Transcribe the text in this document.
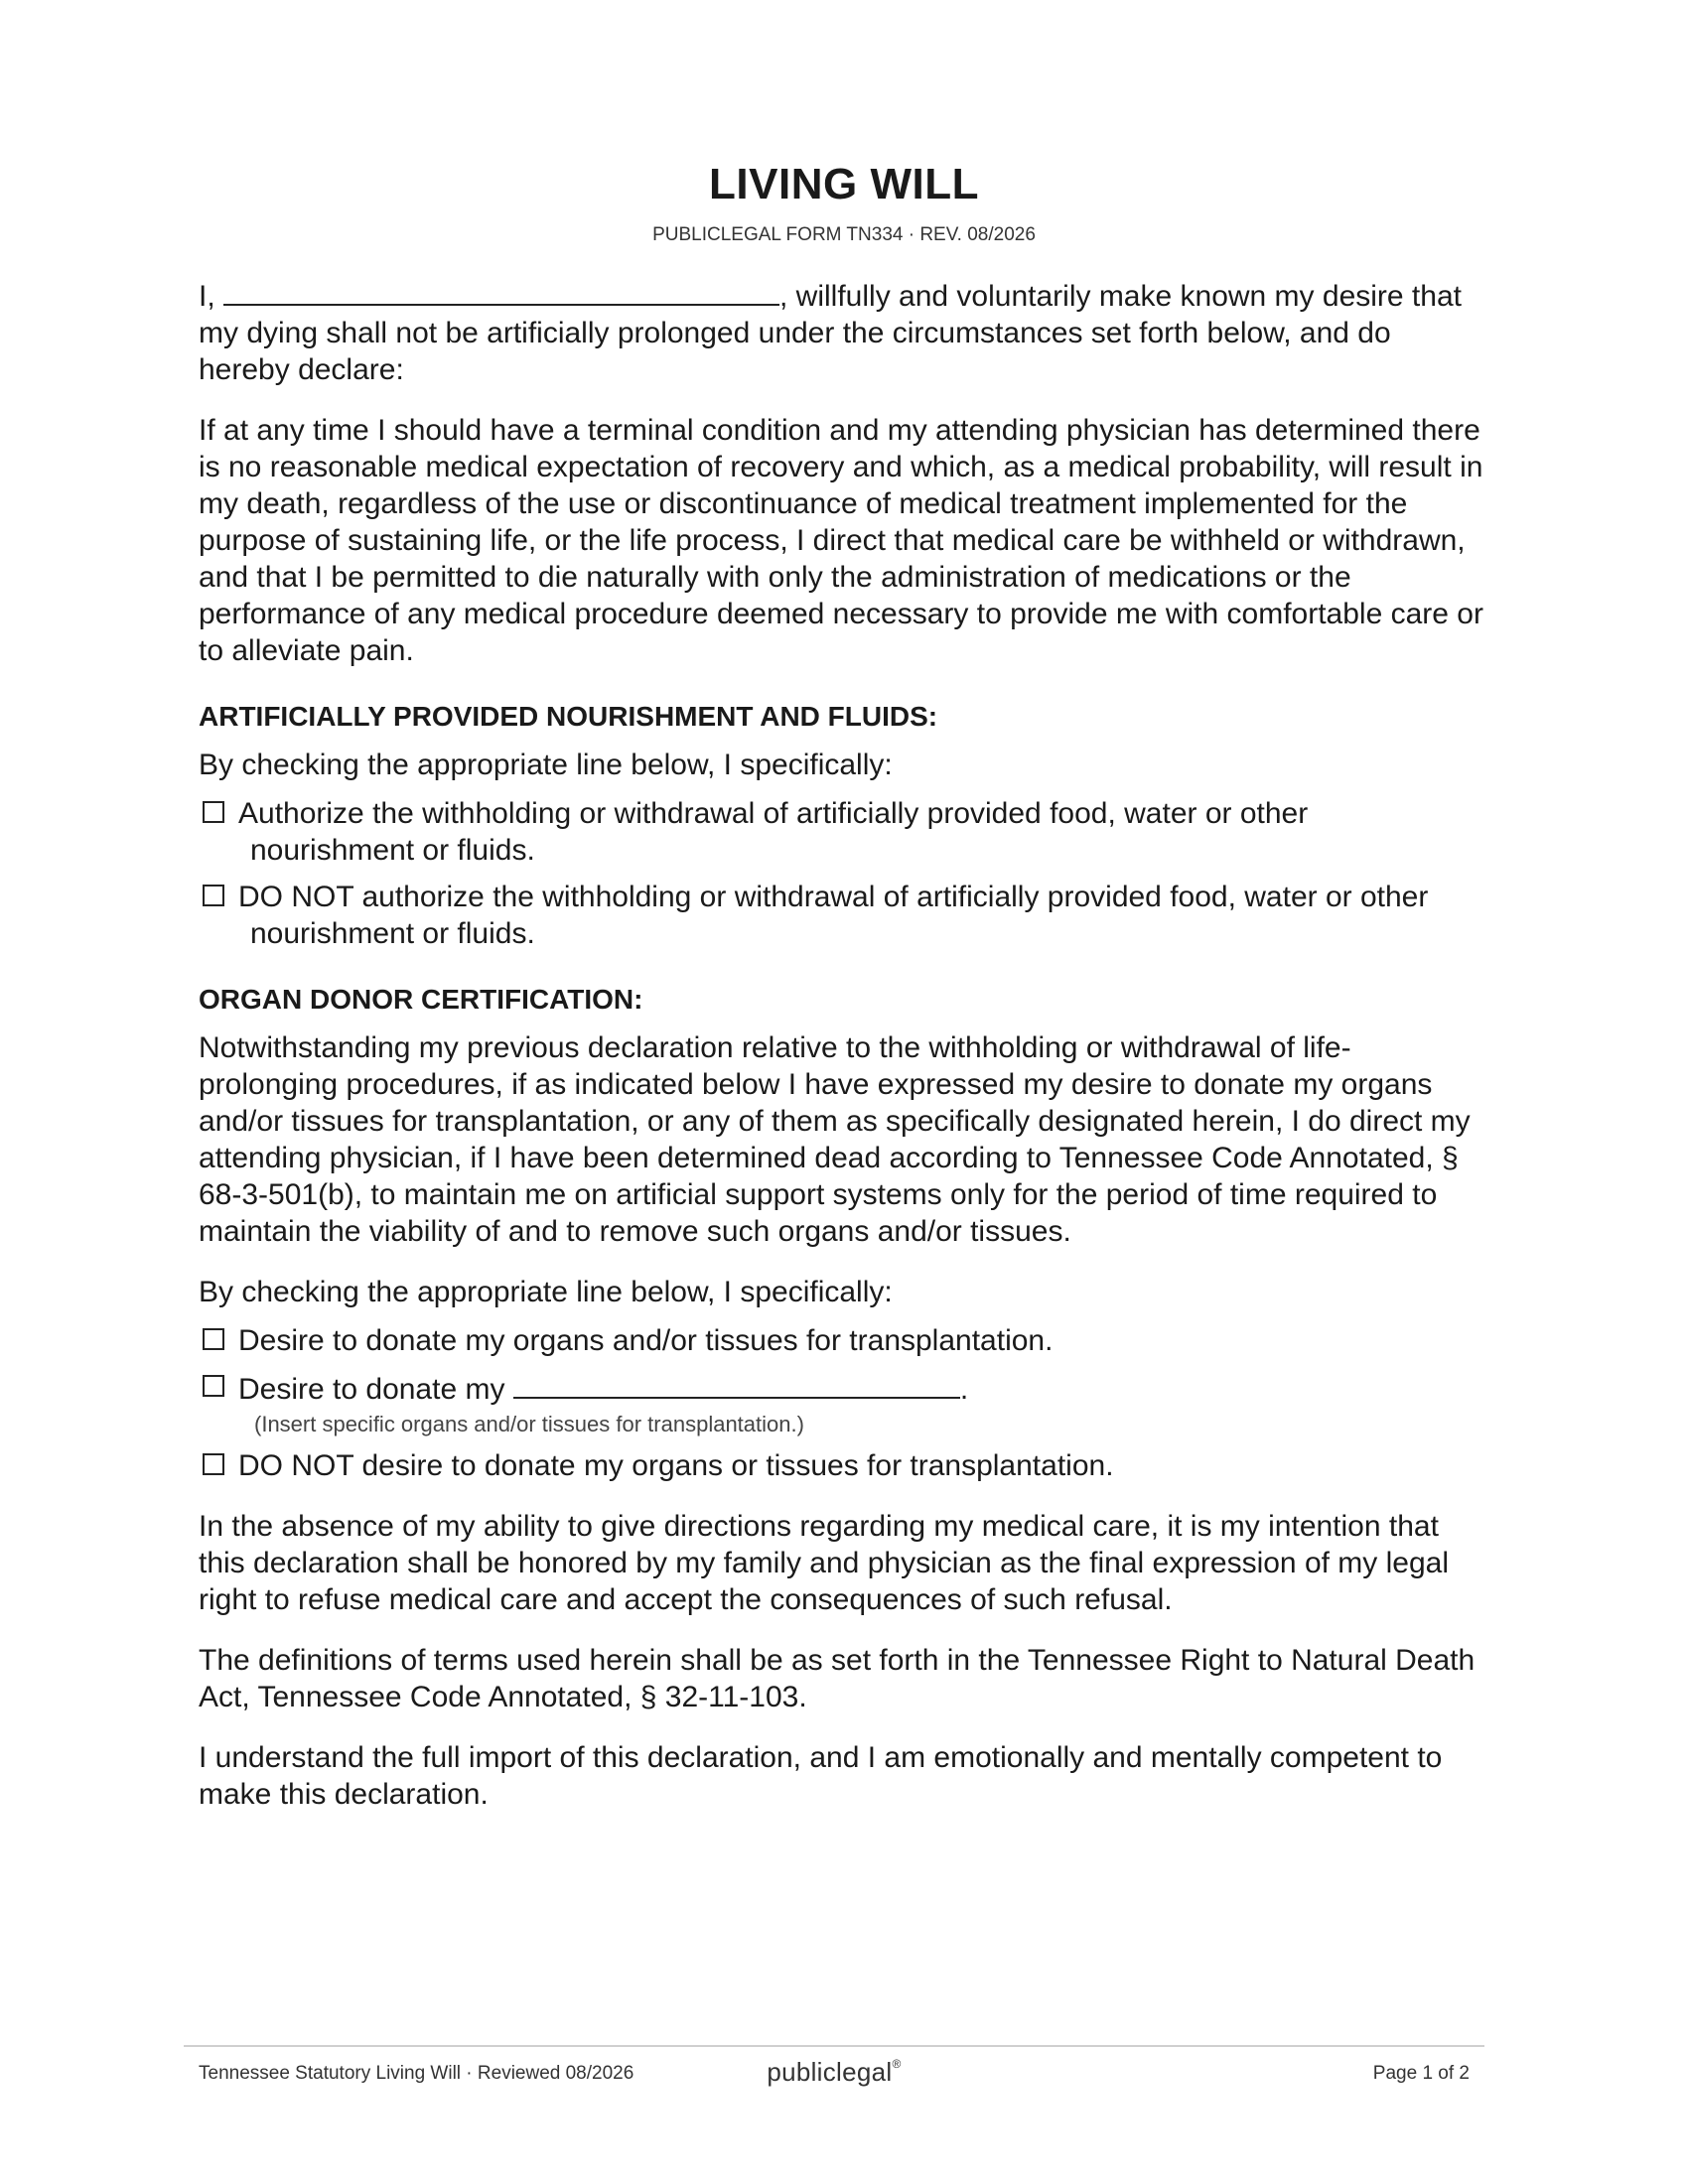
LIVING WILL
PUBLICLEGAL FORM TN334 · REV. 08/2026

I,	, willfully and voluntarily make known my desire that my dying shall not be artificially prolonged under the circumstances set forth below, and do hereby declare:

If at any time I should have a terminal condition and my attending physician has determined there is no reasonable medical expectation of recovery and which, as a medical probability, will result in my death, regardless of the use or discontinuance of medical treatment implemented for the purpose of sustaining life, or the life process, I direct that medical care be withheld or withdrawn, and that I be permitted to die naturally with only the administration of medications or the performance of any medical procedure deemed necessary to provide me with comfortable care or to alleviate pain.

ARTIFICIALLY PROVIDED NOURISHMENT AND FLUIDS:

By checking the appropriate line below, I specifically:

Authorize the withholding or withdrawal of artificially provided food, water or other
nourishment or fluids.
DO NOT authorize the withholding or withdrawal of artificially provided food, water or other
nourishment or fluids.
ORGAN DONOR CERTIFICATION:

Notwithstanding my previous declaration relative to the withholding or withdrawal of life-prolonging procedures, if as indicated below I have expressed my desire to donate my organs and/or tissues for transplantation, or any of them as specifically designated herein, I do direct my attending physician, if I have been determined dead according to Tennessee Code Annotated, § 68-3-501(b), to maintain me on artificial support systems only for the period of time required to maintain the viability of and to remove such organs and/or tissues.

By checking the appropriate line below, I specifically:

Desire to donate my organs and/or tissues for transplantation.
Desire to donate my	.
(Insert specific organs and/or tissues for transplantation.)
DO NOT desire to donate my organs or tissues for transplantation.

In the absence of my ability to give directions regarding my medical care, it is my intention that this declaration shall be honored by my family and physician as the final expression of my legal right to refuse medical care and accept the consequences of such refusal.

The definitions of terms used herein shall be as set forth in the Tennessee Right to Natural Death Act, Tennessee Code Annotated, § 32-11-103.

I understand the full import of this declaration, and I am emotionally and mentally competent to make this declaration.

Tennessee Statutory Living Will · Reviewed 08/2026	publiclegal®	Page 1 of 2
